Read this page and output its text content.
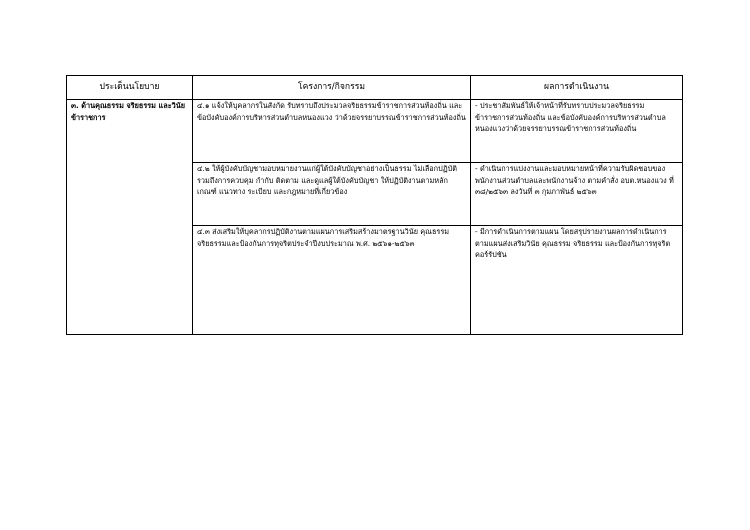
ประเด็นนโยบาย	โครงการ/กิจกรรม	ผลการดำเนินงาน

๓. ด้านคุณธรรม จริยธรรม และวินัยข้าราชการ	๔.๑ แจ้งให้บุคลากรในสังกัด รับทราบถึงประมวลจริยธรรมข้าราชการส่วนท้องถิ่น และข้อบังคับองค์การบริหารส่วนตำบลหนองแวง ว่าด้วยจรรยาบรรณข้าราชการส่วนท้องถิ่น	- ประชาสัมพันธ์ให้เจ้าหน้าที่รับทราบประมวลจริยธรรมข้าราชการส่วนท้องถิ่น และข้อบังคับองค์การบริหารส่วนตำบลหนองแวงว่าด้วยจรรยาบรรณข้าราชการส่วนท้องถิ่น

	๔.๒ ให้ผู้บังคับบัญชามอบหมายงานแก่ผู้ใต้บังคับบัญชาอย่างเป็นธรรม ไม่เลือกปฏิบัติ รวมถึงการควบคุม กำกับ ติดตาม และดูแลผู้ใต้บังคับบัญชา ให้ปฏิบัติงานตามหลักเกณฑ์ แนวทาง ระเบียบ และกฎหมายที่เกี่ยวข้อง	- ดำเนินการแบ่งงานและมอบหมายหน้าที่ความรับผิดชอบของพนักงานส่วนตำบลและพนักงานจ้าง ตามคำสั่ง อบต.หนองแวง ที่ ๓๘/๒๕๖๓ ลงวันที่ ๓ กุมภาพันธ์ ๒๕๖๓

	๔.๓ ส่งเสริมให้บุคลากรปฏิบัติงานตามแผนการเสริมสร้างมาตรฐานวินัย คุณธรรม จริยธรรมและป้องกันการทุจริตประจำปีงบประมาณ พ.ศ. ๒๕๖๑-๒๕๖๓	- มีการดำเนินการตามแผน โดยสรุปรายงานผลการดำเนินการตามแผนส่งเสริมวินัย คุณธรรม จริยธรรม และป้องกันการทุจริต คอร์รัปชัน
